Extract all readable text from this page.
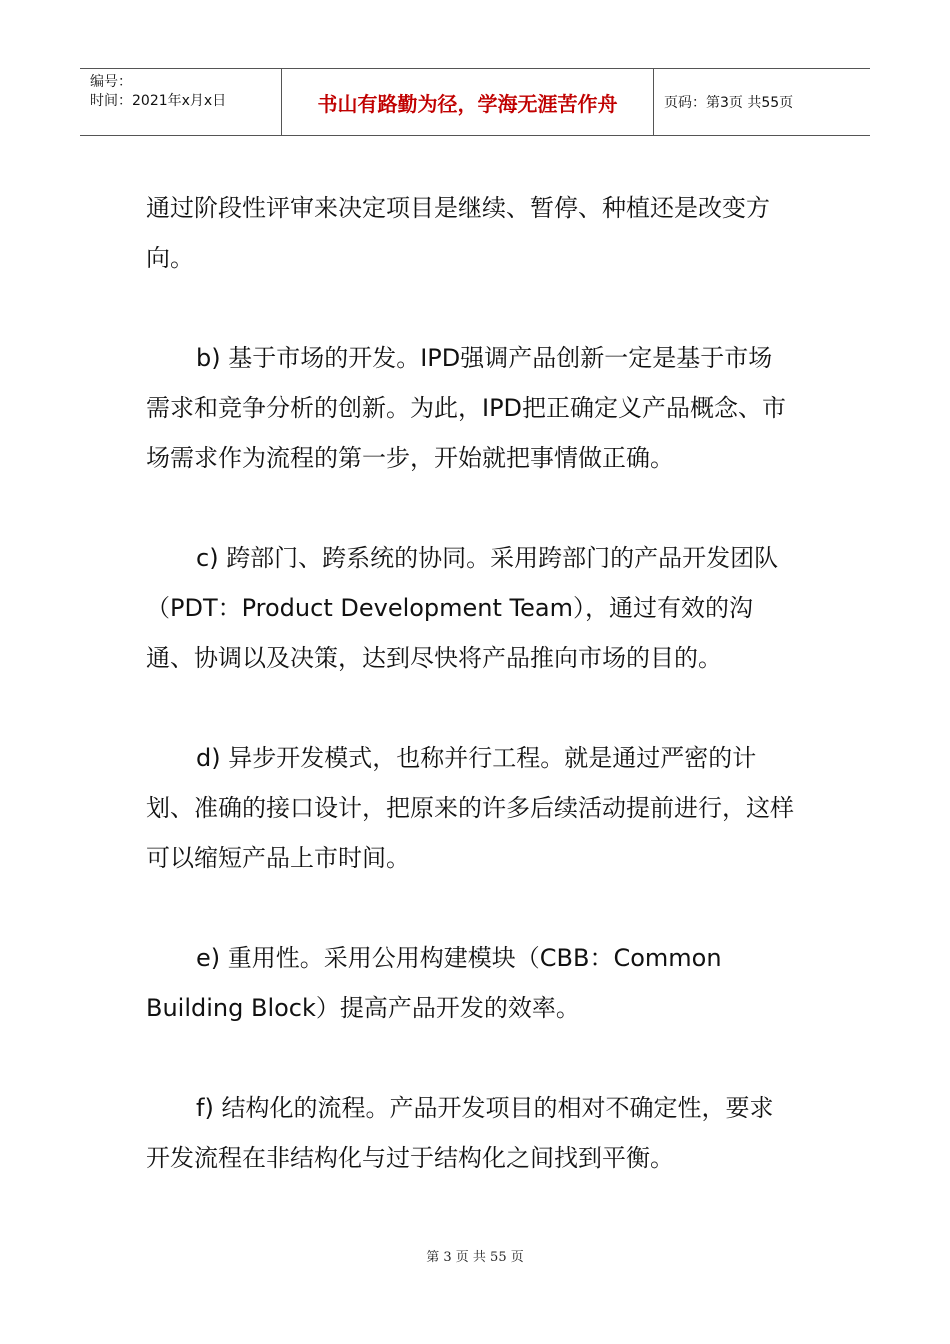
编号：
时间：2021年x月x日	书山有路勤为径，学海无涯苦作舟	页码：第3页 共55页

通过阶段性评审来决定项目是继续、暂停、种植还是改变方向。

b) 基于市场的开发。IPD强调产品创新一定是基于市场需求和竞争分析的创新。为此，IPD把正确定义产品概念、市场需求作为流程的第一步，开始就把事情做正确。

c) 跨部门、跨系统的协同。采用跨部门的产品开发团队（PDT：Product Development Team），通过有效的沟通、协调以及决策，达到尽快将产品推向市场的目的。

d) 异步开发模式，也称并行工程。就是通过严密的计划、准确的接口设计，把原来的许多后续活动提前进行，这样可以缩短产品上市时间。

e) 重用性。采用公用构建模块（CBB：Common Building Block）提高产品开发的效率。

f) 结构化的流程。产品开发项目的相对不确定性，要求开发流程在非结构化与过于结构化之间找到平衡。

第 3 页 共 55 页
